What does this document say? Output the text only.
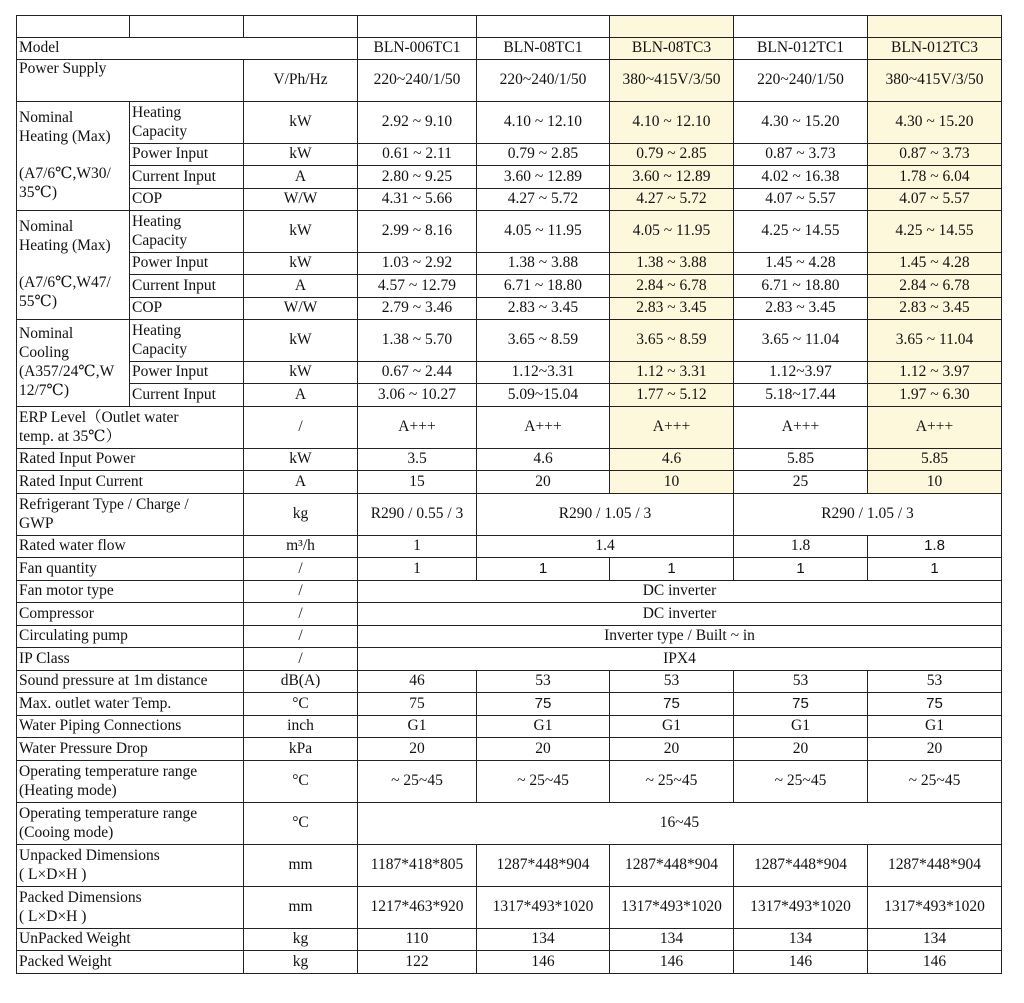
Model			BLN-006TC1	BLN-08TC1	BLN-08TC3	BLN-012TC1	BLN-012TC3
Power Supply		V/Ph/Hz	220~240/1/50	220~240/1/50	380~415V/3/50	220~240/1/50	380~415V/3/50
Nominal
Heating (Max)

(A7/6℃,W30/
35℃)	Heating
Capacity	kW	2.92 ~ 9.10	4.10 ~ 12.10	4.10 ~ 12.10	4.30 ~ 15.20	4.30 ~ 15.20
	Power Input	kW	0.61 ~ 2.11	0.79 ~ 2.85	0.79 ~ 2.85	0.87 ~ 3.73	0.87 ~ 3.73
	Current Input	A	2.80 ~ 9.25	3.60 ~ 12.89	3.60 ~ 12.89	4.02 ~ 16.38	1.78 ~ 6.04
	COP	W/W	4.31 ~ 5.66	4.27 ~ 5.72	4.27 ~ 5.72	4.07 ~ 5.57	4.07 ~ 5.57
Nominal
Heating (Max)

(A7/6℃,W47/
55℃)	Heating
Capacity	kW	2.99 ~ 8.16	4.05 ~ 11.95	4.05 ~ 11.95	4.25 ~ 14.55	4.25 ~ 14.55
	Power Input	kW	1.03 ~ 2.92	1.38 ~ 3.88	1.38 ~ 3.88	1.45 ~ 4.28	1.45 ~ 4.28
	Current Input	A	4.57 ~ 12.79	6.71 ~ 18.80	2.84 ~ 6.78	6.71 ~ 18.80	2.84 ~ 6.78
	COP	W/W	2.79 ~ 3.46	2.83 ~ 3.45	2.83 ~ 3.45	2.83 ~ 3.45	2.83 ~ 3.45
Nominal
Cooling
(A357/24℃,W
12/7℃)	Heating
Capacity	kW	1.38 ~ 5.70	3.65 ~ 8.59	3.65 ~ 8.59	3.65 ~ 11.04	3.65 ~ 11.04
	Power Input	kW	0.67 ~ 2.44	1.12~3.31	1.12 ~ 3.31	1.12~3.97	1.12 ~ 3.97
	Current Input	A	3.06 ~ 10.27	5.09~15.04	1.77 ~ 5.12	5.18~17.44	1.97 ~ 6.30
ERP Level（Outlet water
temp. at 35℃）		/	A+++	A+++	A+++	A+++	A+++
Rated Input Power		kW	3.5	4.6	4.6	5.85	5.85
Rated Input Current		A	15	20	10	25	10
Refrigerant Type / Charge /
GWP		kg	R290 / 0.55 / 3	R290 / 1.05 / 3		R290 / 1.05 / 3	
Rated water flow		m³/h	1	1.4		1.8	1.8
Fan quantity		/	1	1	1	1	1
Fan motor type		/	DC inverter				
Compressor		/	DC inverter				
Circulating pump		/	Inverter type / Built ~ in				
IP Class		/	IPX4				
Sound pressure at 1m distance		dB(A)	46	53	53	53	53
Max. outlet water Temp.		°C	75	75	75	75	75
Water Piping Connections		inch	G1	G1	G1	G1	G1
Water Pressure Drop		kPa	20	20	20	20	20
Operating temperature range
(Heating mode)		°C	~ 25~45	~ 25~45	~ 25~45	~ 25~45	~ 25~45
Operating temperature range
(Cooing mode)		°C	16~45				
Unpacked Dimensions
( L×D×H )		mm	1187*418*805	1287*448*904	1287*448*904	1287*448*904	1287*448*904
Packed Dimensions
( L×D×H )		mm	1217*463*920	1317*493*1020	1317*493*1020	1317*493*1020	1317*493*1020
UnPacked Weight		kg	110	134	134	134	134
Packed Weight		kg	122	146	146	146	146
